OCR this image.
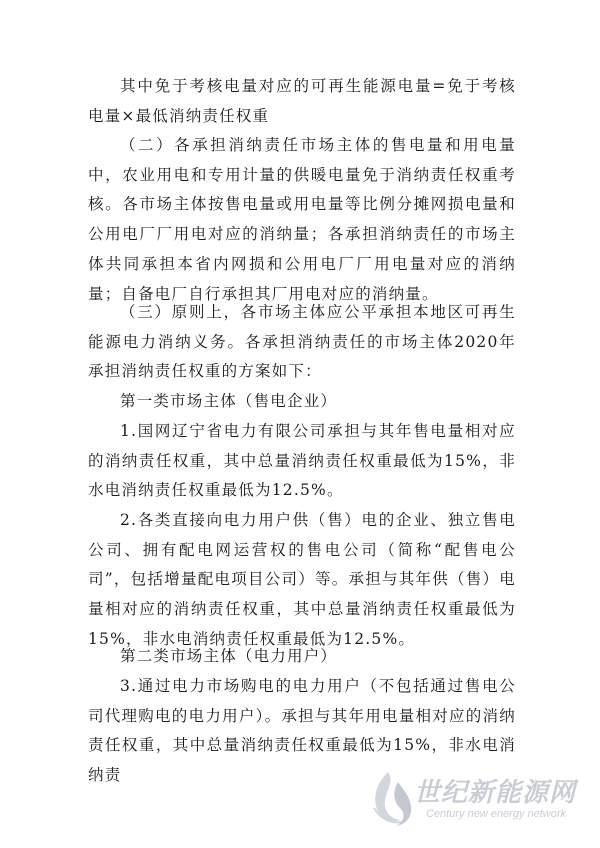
其中免于考核电量对应的可再生能源电量=免于考核电量×最低消纳责任权重

（二）各承担消纳责任市场主体的售电量和用电量中，农业用电和专用计量的供暖电量免于消纳责任权重考核。各市场主体按售电量或用电量等比例分摊网损电量和公用电厂厂用电对应的消纳量；各承担消纳责任的市场主体共同承担本省内网损和公用电厂厂用电量对应的消纳量；自备电厂自行承担其厂用电对应的消纳量。

（三）原则上，各市场主体应公平承担本地区可再生能源电力消纳义务。各承担消纳责任的市场主体2020年承担消纳责任权重的方案如下：

第一类市场主体（售电企业）

1.国网辽宁省电力有限公司承担与其年售电量相对应的消纳责任权重，其中总量消纳责任权重最低为15%，非水电消纳责任权重最低为12.5%。

2.各类直接向电力用户供（售）电的企业、独立售电公司、拥有配电网运营权的售电公司（简称“配售电公司”，包括增量配电项目公司）等。承担与其年供（售）电量相对应的消纳责任权重，其中总量消纳责任权重最低为15%，非水电消纳责任权重最低为12.5%。

第二类市场主体（电力用户）

3.通过电力市场购电的电力用户（不包括通过售电公司代理购电的电力用户）。承担与其年用电量相对应的消纳责任权重，其中总量消纳责任权重最低为15%，非水电消纳责

世纪新能源网
Century new energy network
